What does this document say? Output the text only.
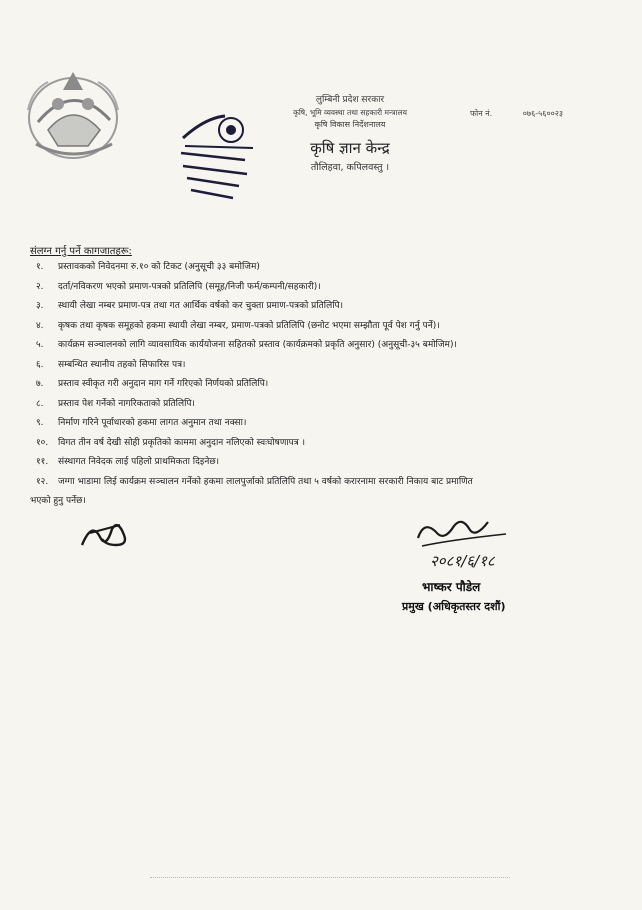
लुम्बिनी प्रदेश सरकार
कृषि, भूमि व्यवस्था तथा सहकारी मन्त्रालय
कृषि विकास निर्देशनालय
कृषि ज्ञान केन्द्र
तौलिहवा, कपिलवस्तु ।
फोन नं.	०७६-५६००२३
संलग्न गर्नु पर्ने कागजातहरू:
१. प्रस्तावकको निवेदनमा रु.१० को टिकट (अनुसूची ३३ बमोजिम)
२. दर्ता/नविकरण भएको प्रमाण-पत्रको प्रतिलिपि (समूह/निजी फर्म/कम्पनी/सहकारी)।
३. स्थायी लेखा नम्बर प्रमाण-पत्र तथा गत आर्थिक वर्षको कर चुक्ता प्रमाण-पत्रको प्रतिलिपि।
४. कृषक तथा कृषक समूहको हकमा स्थायी लेखा नम्बर, प्रमाण-पत्रको प्रतिलिपि (छनोट भएमा सम्झौता पूर्व पेश गर्नु पर्ने)।
५. कार्यक्रम सञ्चालनको लागि व्यावसायिक कार्ययोजना सहितको प्रस्ताव (कार्यक्रमको प्रकृति अनुसार) (अनुसूची-३५ बमोजिम)।
६. सम्बन्धित स्थानीय तहको सिफारिस पत्र।
७. प्रस्ताव स्वीकृत गरी अनुदान माग गर्ने गरिएको निर्णयको प्रतिलिपि।
८. प्रस्ताव पेश गर्नेको नागरिकताको प्रतिलिपि।
९. निर्माण गरिने पूर्वाधारको हकमा लागत अनुमान तथा नक्सा।
१०. विगत तीन वर्ष देखी सोही प्रकृतिको काममा अनुदान नलिएको स्वःघोषणापत्र ।
११. संस्थागत निवेदक लाई पहिलो प्राथमिकता दिइनेछ।
१२. जग्गा भाडामा लिई कार्यक्रम सञ्चालन गर्नेको हकमा लालपुर्जाको प्रतिलिपि तथा ५ वर्षको करारनामा सरकारी निकाय बाट प्रमाणित
भएको हुनु पर्नेछ।
२०८१/६/१८
भाष्कर पौडेल
प्रमुख (अधिकृतस्तर दशौं)
